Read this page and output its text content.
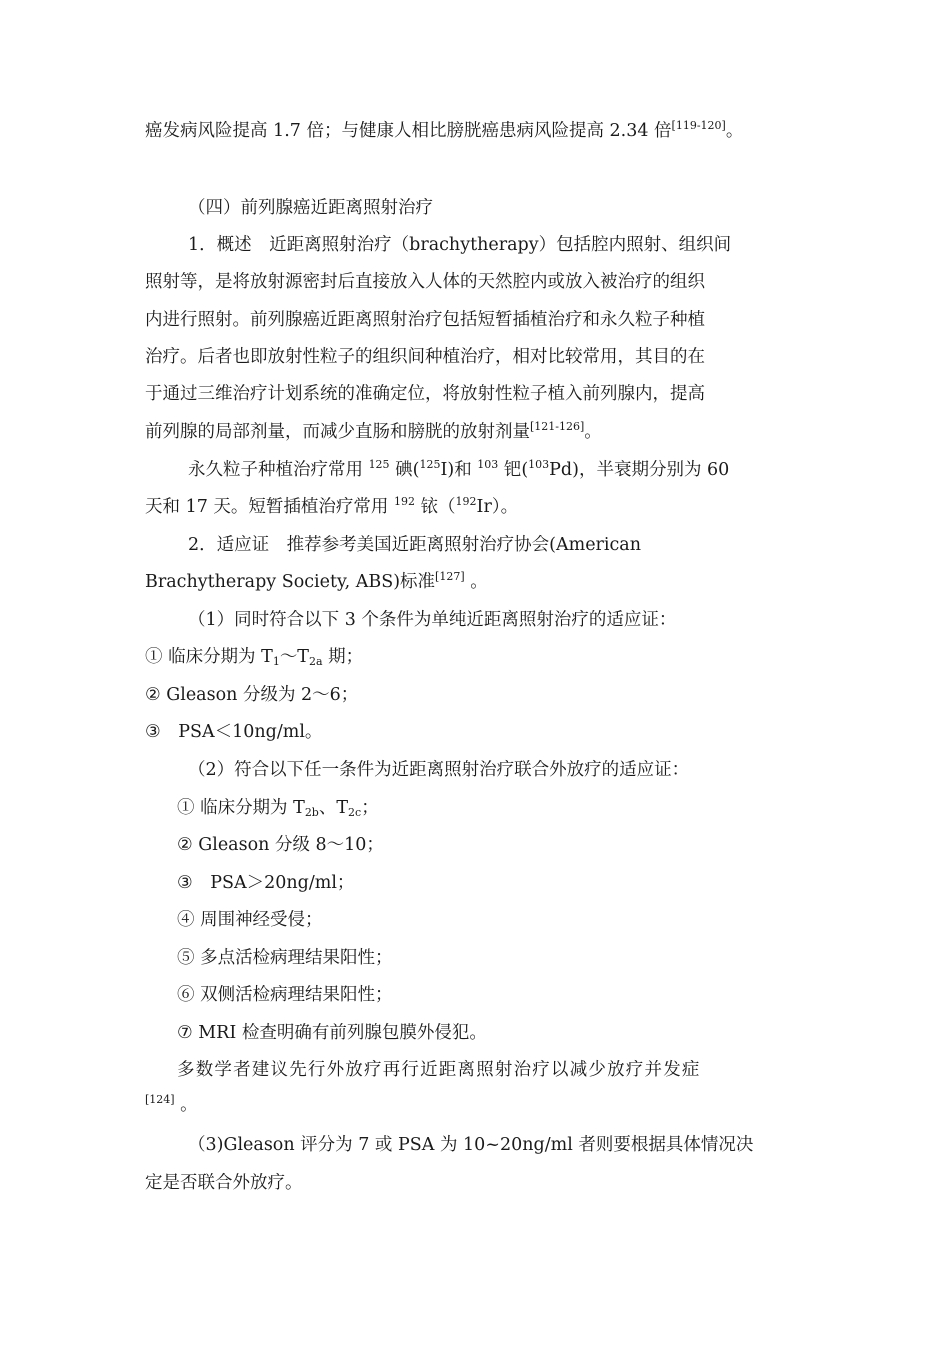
癌发病风险提高 1.7 倍；与健康人相比膀胱癌患病风险提高 2.34 倍[119-120]。
（四）前列腺癌近距离照射治疗
1．概述　近距离照射治疗（brachytherapy）包括腔内照射、组织间
照射等，是将放射源密封后直接放入人体的天然腔内或放入被治疗的组织
内进行照射。前列腺癌近距离照射治疗包括短暂插植治疗和永久粒子种植
治疗。后者也即放射性粒子的组织间种植治疗，相对比较常用，其目的在
于通过三维治疗计划系统的准确定位，将放射性粒子植入前列腺内，提高
前列腺的局部剂量，而减少直肠和膀胱的放射剂量[121-126]。
永久粒子种植治疗常用 $^{125}$ 碘($^{125}$I)和 $^{103}$ 钯($^{103}$Pd)，半衰期分别为 60
天和 17 天。短暂插植治疗常用 $^{192}$ 铱（$^{192}$Ir）。
2．适应证　推荐参考美国近距离照射治疗协会(American
Brachytherapy Society, ABS)标准[127] 。
（1）同时符合以下 3 个条件为单纯近距离照射治疗的适应证：
① 临床分期为 $T_1\sim T_{2a}$ 期；
② Gleason 分级为 2～6；
③　PSA＜10ng/ml。
（2）符合以下任一条件为近距离照射治疗联合外放疗的适应证：
① 临床分期为 $T_{2b}$、$T_{2c}$；
② Gleason 分级 8～10；
③　PSA＞20ng/ml；
④ 周围神经受侵；
⑤ 多点活检病理结果阳性；
⑥ 双侧活检病理结果阳性；
⑦ MRI 检查明确有前列腺包膜外侵犯。
多数学者建议先行外放疗再行近距离照射治疗以减少放疗并发症
[124] 。
（3)Gleason 评分为 7 或 PSA 为 10~20ng/ml 者则要根据具体情况决
定是否联合外放疗。
